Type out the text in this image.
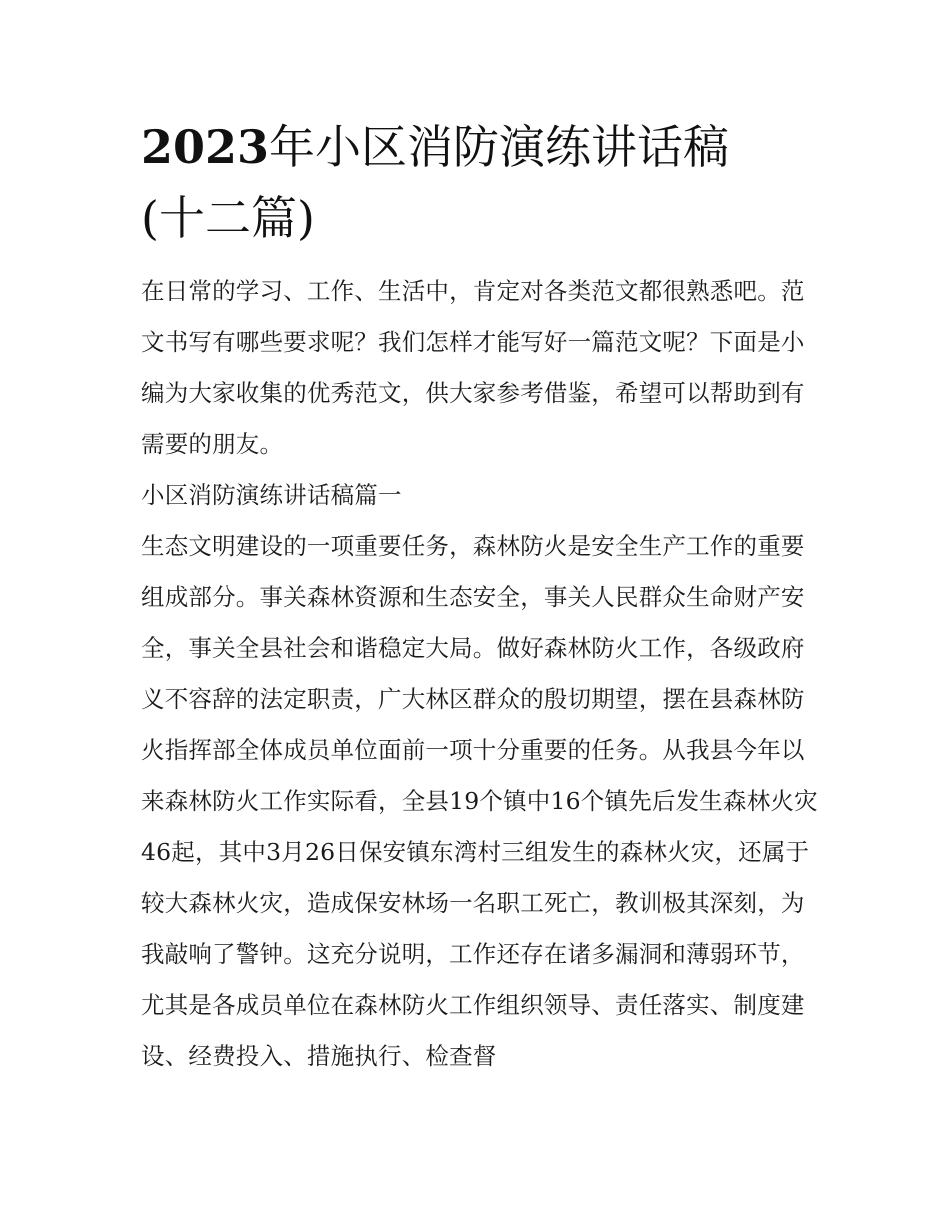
2023年小区消防演练讲话稿
(十二篇)

在日常的学习、工作、生活中，肯定对各类范文都很熟悉吧。范文书写有哪些要求呢？我们怎样才能写好一篇范文呢？下面是小编为大家收集的优秀范文，供大家参考借鉴，希望可以帮助到有需要的朋友。

小区消防演练讲话稿篇一

生态文明建设的一项重要任务，森林防火是安全生产工作的重要组成部分。事关森林资源和生态安全，事关人民群众生命财产安全，事关全县社会和谐稳定大局。做好森林防火工作，各级政府义不容辞的法定职责，广大林区群众的殷切期望，摆在县森林防火指挥部全体成员单位面前一项十分重要的任务。从我县今年以来森林防火工作实际看，全县19个镇中16个镇先后发生森林火灾46起，其中3月26日保安镇东湾村三组发生的森林火灾，还属于较大森林火灾，造成保安林场一名职工死亡，教训极其深刻，为我敲响了警钟。这充分说明，工作还存在诸多漏洞和薄弱环节，尤其是各成员单位在森林防火工作组织领导、责任落实、制度建设、经费投入、措施执行、检查督
